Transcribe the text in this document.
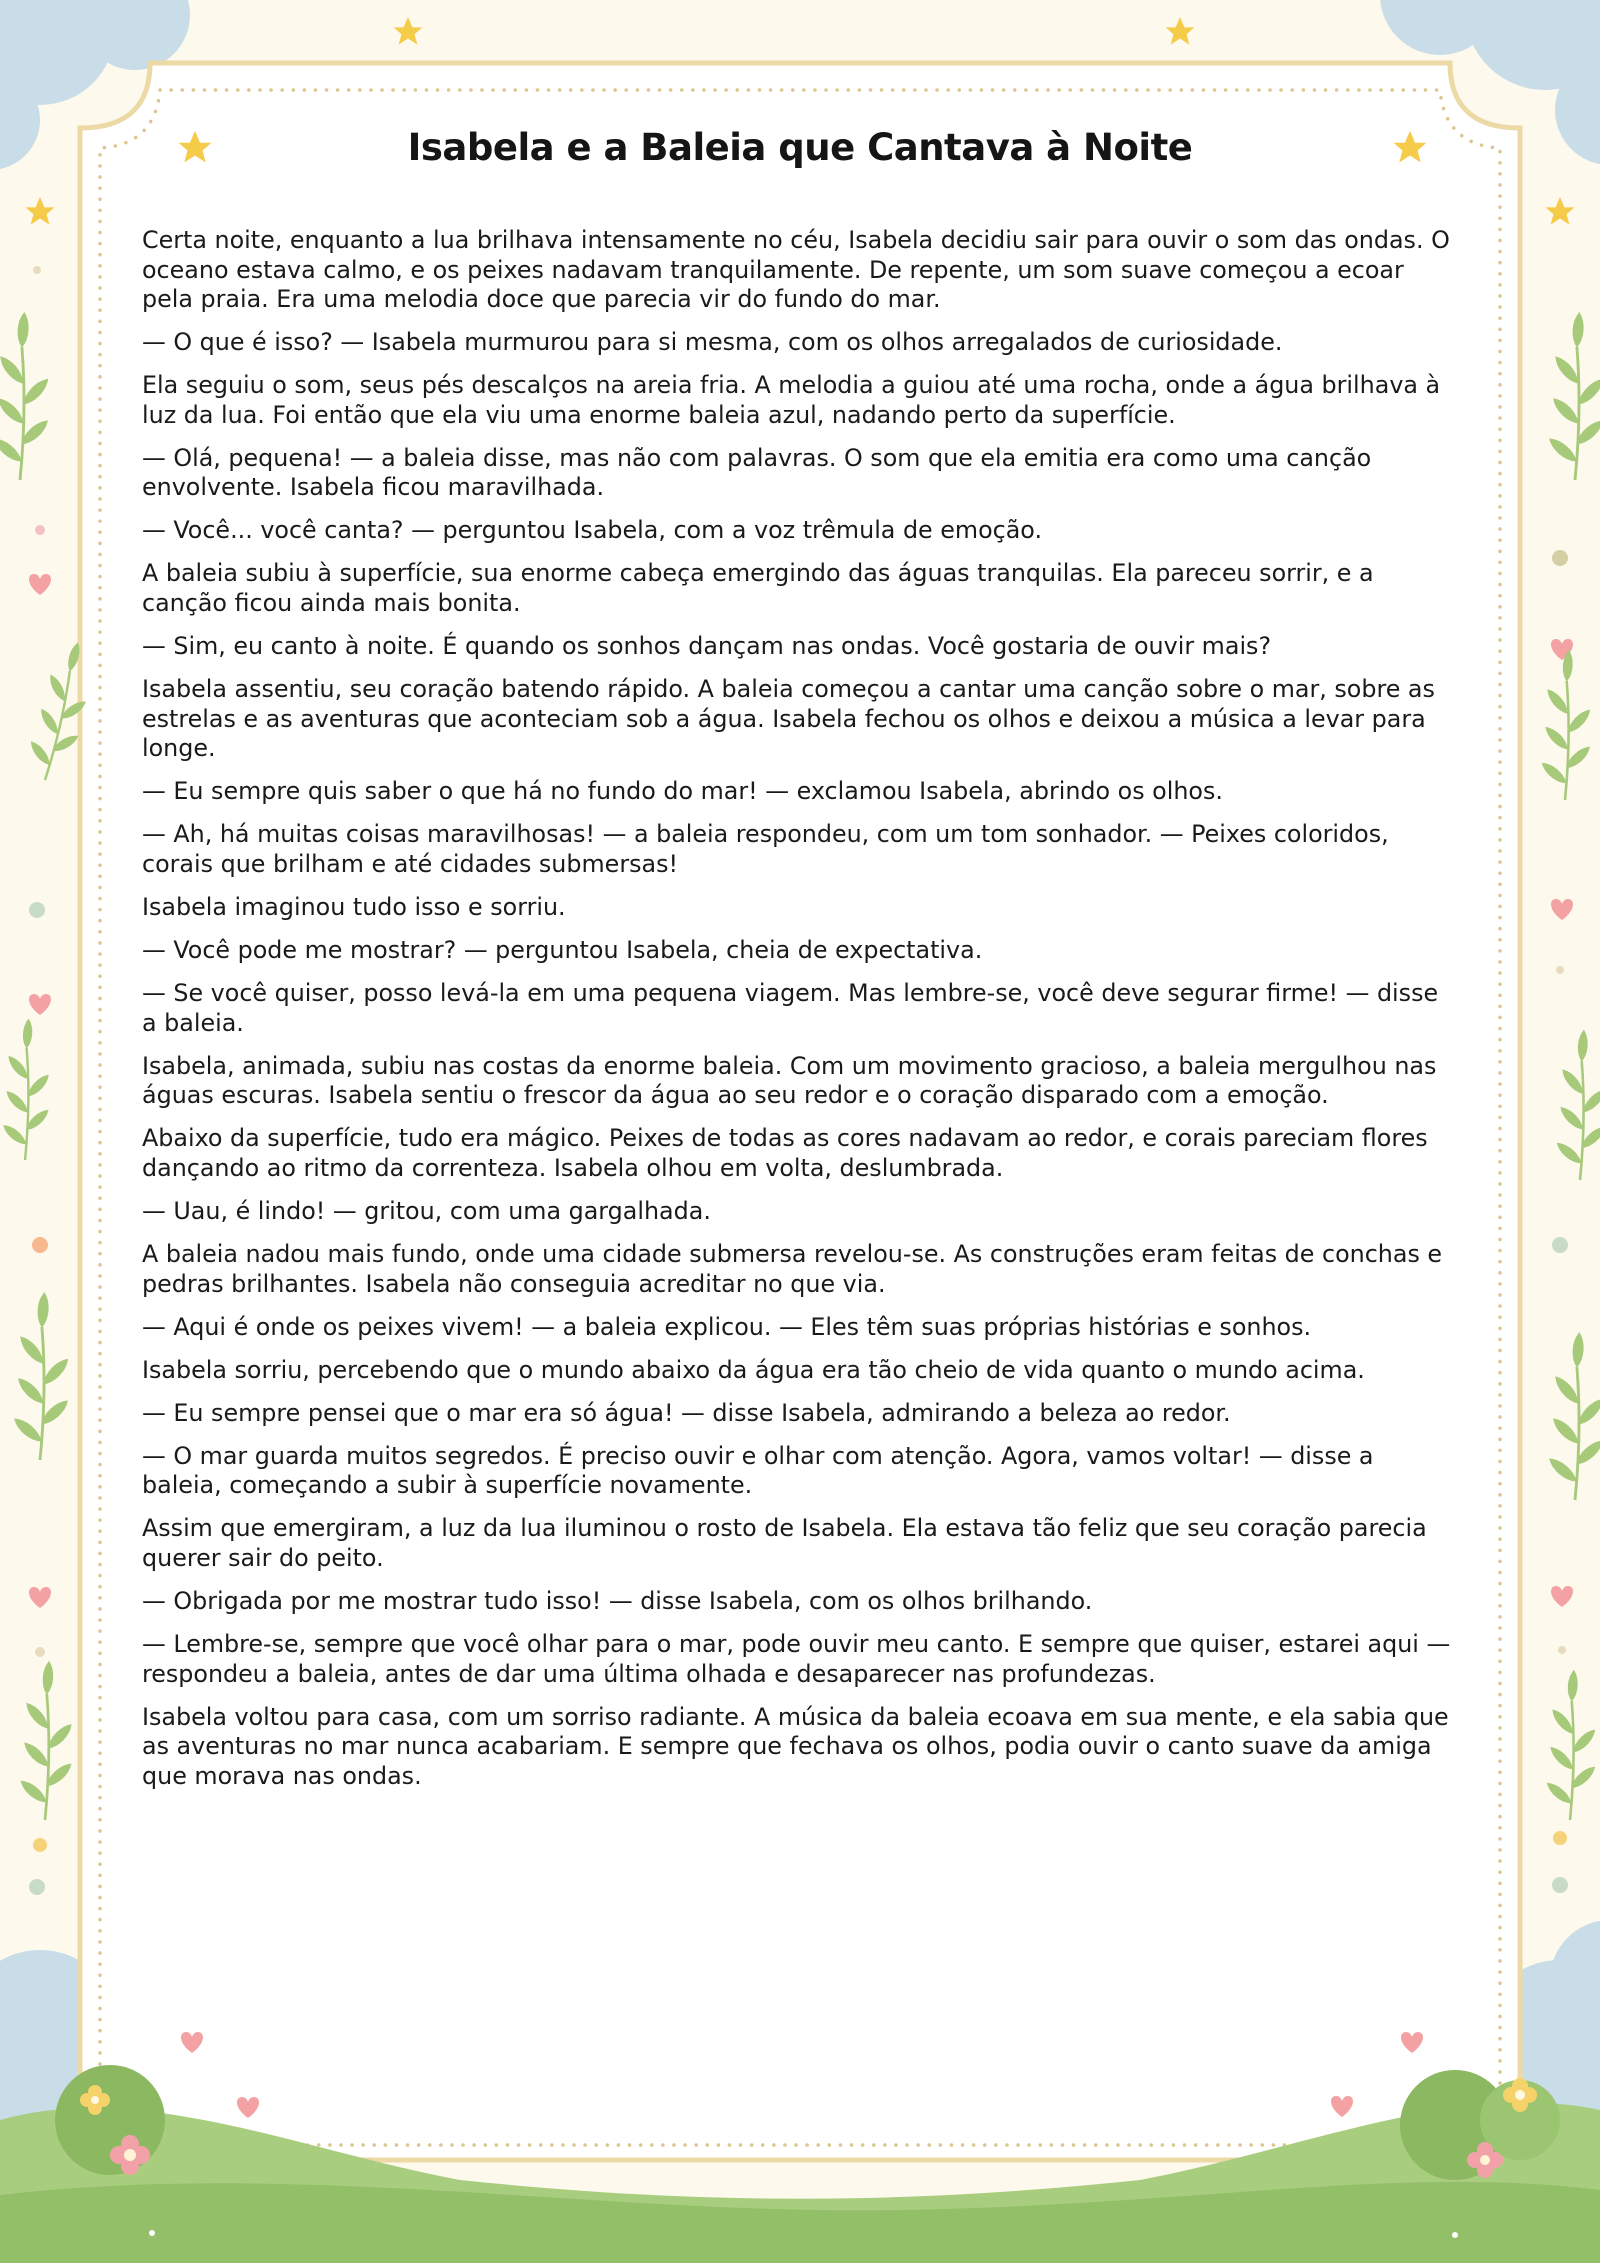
Isabela e a Baleia que Cantava à Noite

Certa noite, enquanto a lua brilhava intensamente no céu, Isabela decidiu sair para ouvir o som das ondas. O oceano estava calmo, e os peixes nadavam tranquilamente. De repente, um som suave começou a ecoar pela praia. Era uma melodia doce que parecia vir do fundo do mar.

— O que é isso? — Isabela murmurou para si mesma, com os olhos arregalados de curiosidade.

Ela seguiu o som, seus pés descalços na areia fria. A melodia a guiou até uma rocha, onde a água brilhava à luz da lua. Foi então que ela viu uma enorme baleia azul, nadando perto da superfície.

— Olá, pequena! — a baleia disse, mas não com palavras. O som que ela emitia era como uma canção envolvente. Isabela ficou maravilhada.

— Você... você canta? — perguntou Isabela, com a voz trêmula de emoção.

A baleia subiu à superfície, sua enorme cabeça emergindo das águas tranquilas. Ela pareceu sorrir, e a canção ficou ainda mais bonita.

— Sim, eu canto à noite. É quando os sonhos dançam nas ondas. Você gostaria de ouvir mais?

Isabela assentiu, seu coração batendo rápido. A baleia começou a cantar uma canção sobre o mar, sobre as estrelas e as aventuras que aconteciam sob a água. Isabela fechou os olhos e deixou a música a levar para longe.

— Eu sempre quis saber o que há no fundo do mar! — exclamou Isabela, abrindo os olhos.

— Ah, há muitas coisas maravilhosas! — a baleia respondeu, com um tom sonhador. — Peixes coloridos, corais que brilham e até cidades submersas!

Isabela imaginou tudo isso e sorriu.

— Você pode me mostrar? — perguntou Isabela, cheia de expectativa.

— Se você quiser, posso levá-la em uma pequena viagem. Mas lembre-se, você deve segurar firme! — disse a baleia.

Isabela, animada, subiu nas costas da enorme baleia. Com um movimento gracioso, a baleia mergulhou nas águas escuras. Isabela sentiu o frescor da água ao seu redor e o coração disparado com a emoção.

Abaixo da superfície, tudo era mágico. Peixes de todas as cores nadavam ao redor, e corais pareciam flores dançando ao ritmo da correnteza. Isabela olhou em volta, deslumbrada.

— Uau, é lindo! — gritou, com uma gargalhada.

A baleia nadou mais fundo, onde uma cidade submersa revelou-se. As construções eram feitas de conchas e pedras brilhantes. Isabela não conseguia acreditar no que via.

— Aqui é onde os peixes vivem! — a baleia explicou. — Eles têm suas próprias histórias e sonhos.

Isabela sorriu, percebendo que o mundo abaixo da água era tão cheio de vida quanto o mundo acima.

— Eu sempre pensei que o mar era só água! — disse Isabela, admirando a beleza ao redor.

— O mar guarda muitos segredos. É preciso ouvir e olhar com atenção. Agora, vamos voltar! — disse a baleia, começando a subir à superfície novamente.

Assim que emergiram, a luz da lua iluminou o rosto de Isabela. Ela estava tão feliz que seu coração parecia querer sair do peito.

— Obrigada por me mostrar tudo isso! — disse Isabela, com os olhos brilhando.

— Lembre-se, sempre que você olhar para o mar, pode ouvir meu canto. E sempre que quiser, estarei aqui — respondeu a baleia, antes de dar uma última olhada e desaparecer nas profundezas.

Isabela voltou para casa, com um sorriso radiante. A música da baleia ecoava em sua mente, e ela sabia que as aventuras no mar nunca acabariam. E sempre que fechava os olhos, podia ouvir o canto suave da amiga que morava nas ondas.
